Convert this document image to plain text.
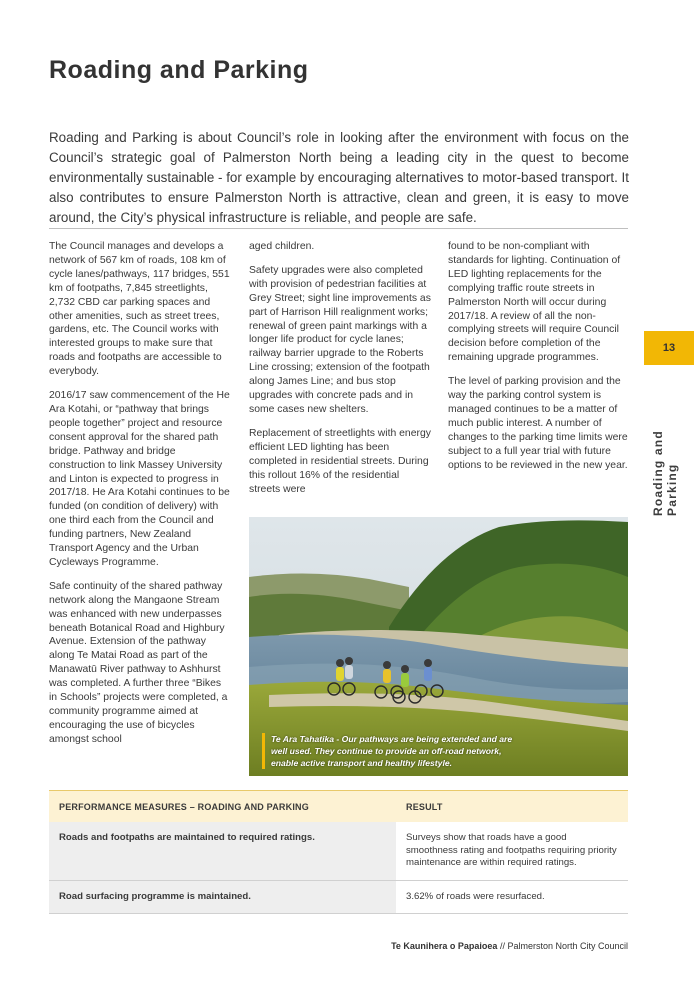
Roading and Parking

Roading and Parking is about Council’s role in looking after the environment with focus on the Council’s strategic goal of Palmerston North being a leading city in the quest to become environmentally sustainable - for example by encouraging alternatives to motor-based transport. It also contributes to ensure Palmerston North is attractive, clean and green, it is easy to move around, the City’s physical infrastructure is reliable, and people are safe.

The Council manages and develops a network of 567 km of roads, 108 km of cycle lanes/pathways, 117 bridges, 551 km of footpaths, 7,845 streetlights, 2,732 CBD car parking spaces and other amenities, such as street trees, gardens, etc. The Council works with interested groups to make sure that roads and footpaths are accessible to everybody.

2016/17 saw commencement of the He Ara Kotahi, or “pathway that brings people together” project and resource consent approval for the shared path bridge. Pathway and bridge construction to link Massey University and Linton is expected to progress in 2017/18. He Ara Kotahi continues to be funded (on condition of delivery) with one third each from the Council and funding partners, New Zealand Transport Agency and the Urban Cycleways Programme.

Safe continuity of the shared pathway network along the Mangaone Stream was enhanced with new underpasses beneath Botanical Road and Highbury Avenue. Extension of the pathway along Te Matai Road as part of the Manawatū River pathway to Ashhurst was completed. A further three “Bikes in Schools” projects were completed, a community programme aimed at encouraging the use of bicycles amongst school

aged children.

Safety upgrades were also completed with provision of pedestrian facilities at Grey Street; sight line improvements as part of Harrison Hill realignment works; renewal of green paint markings with a longer life product for cycle lanes; railway barrier upgrade to the Roberts Line crossing; extension of the footpath along James Line; and bus stop upgrades with concrete pads and in some cases new shelters.

Replacement of streetlights with energy efficient LED lighting has been completed in residential streets. During this rollout 16% of the residential streets were

found to be non-compliant with standards for lighting. Continuation of LED lighting replacements for the complying traffic route streets in Palmerston North will occur during 2017/18. A review of all the non-complying streets will require Council decision before completion of the remaining upgrade programmes.

The level of parking provision and the way the parking control system is managed continues to be a matter of much public interest. A number of changes to the parking time limits were subject to a full year trial with future options to be reviewed in the new year.

13
Roading and Parking
Te Ara Tahatika - Our pathways are being extended and are well used. They continue to provide an off-road network, enable active transport and healthy lifestyle.
PERFORMANCE MEASURES – ROADING AND PARKING	RESULT
Roads and footpaths are maintained to required ratings.	Surveys show that roads have a good smoothness rating and footpaths requiring priority maintenance are within required ratings.
Road surfacing programme is maintained.	3.62% of roads were resurfaced.
Te Kaunihera o Papaioea // Palmerston North City Council
